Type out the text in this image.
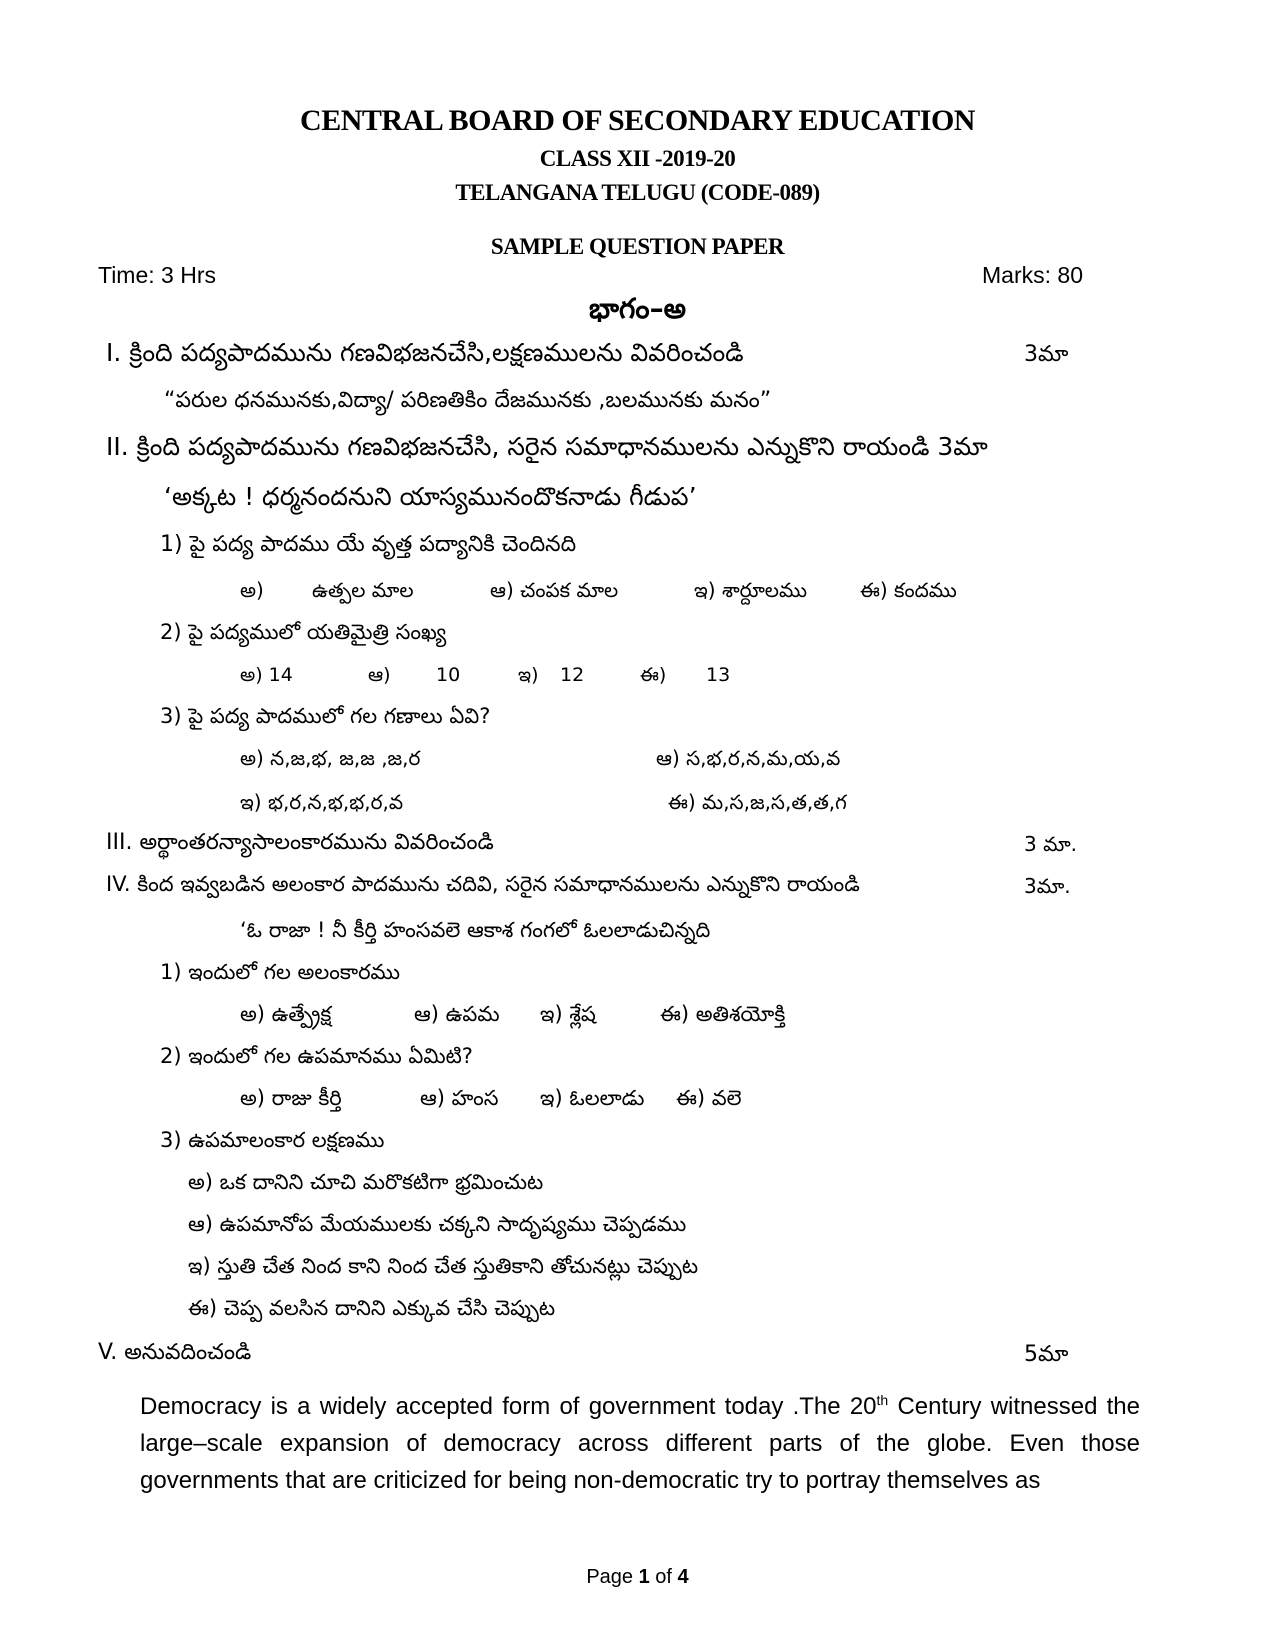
CENTRAL BOARD OF SECONDARY EDUCATION
CLASS XII -2019-20
TELANGANA TELUGU (CODE-089)
SAMPLE QUESTION PAPER
Time: 3 Hrs	Marks: 80
భాగం–అ
I. క్రింది పద్యపాదమును గణవిభజనచేసి,లక్షణములను వివరించండి	3మా
“పరుల ధనమునకు,విద్యా/ పరిణతికిం దేజమునకు ,బలమునకు మనం”
II. క్రింది పద్యపాదమును గణవిభజనచేసి, సరైన సమాధానములను ఎన్నుకొని రాయండి 3మా
‘అక్కట ! ధర్మనందనుని యాస్యమునందొకనాడు గీడుప’
1) పై పద్య పాదము యే వృత్త పద్యానికి చెందినది
అ) ఉత్పల మాల	ఆ) చంపక మాల	ఇ) శార్దూలము	ఈ) కందము
2) పై పద్యములో యతిమైత్రి సంఖ్య
అ) 14	ఆ) 10	ఇ) 12	ఈ) 13
3) పై పద్య పాదములో గల గణాలు ఏవి?
అ) న,జ,భ, జ,జ ,జ,ర	ఆ) స,భ,ర,న,మ,య,వ
ఇ) భ,ర,న,భ,భ,ర,వ	ఈ) మ,స,జ,స,త,త,గ
III. అర్థాంతరన్యాసాలంకారమును వివరించండి	3 మా.
IV. కింద ఇవ్వబడిన అలంకార పాదమును చదివి, సరైన సమాధానములను ఎన్నుకొని రాయండి	3మా.
‘ఓ రాజా ! నీ కీర్తి హంసవలె ఆకాశ గంగలో ఓలలాడుచిన్నది
1) ఇందులో గల అలంకారము
అ) ఉత్ప్రేక్ష	ఆ) ఉపమ ఇ) శ్లేష	ఈ) అతిశయోక్తి
2) ఇందులో గల ఉపమానము ఏమిటి?
అ) రాజు కీర్తి	ఆ) హంస ఇ) ఓలలాడు ఈ) వలె
3) ఉపమాలంకార లక్షణము
అ) ఒక దానిని చూచి మరొకటిగా భ్రమించుట
ఆ) ఉపమానోప మేయములకు చక్కని సాదృష్యము చెప్పడము
ఇ) స్తుతి చేత నింద కాని నింద చేత స్తుతికాని తోచునట్లు చెప్పుట
ఈ) చెప్ప వలసిన దానిని ఎక్కువ చేసి చెప్పుట
V. అనువదించండి	5మా
Democracy is a widely accepted form of government today .The 20th Century witnessed the large–scale expansion of democracy across different parts of the globe. Even those governments that are criticized for being non-democratic try to portray themselves as
Page 1 of 4
